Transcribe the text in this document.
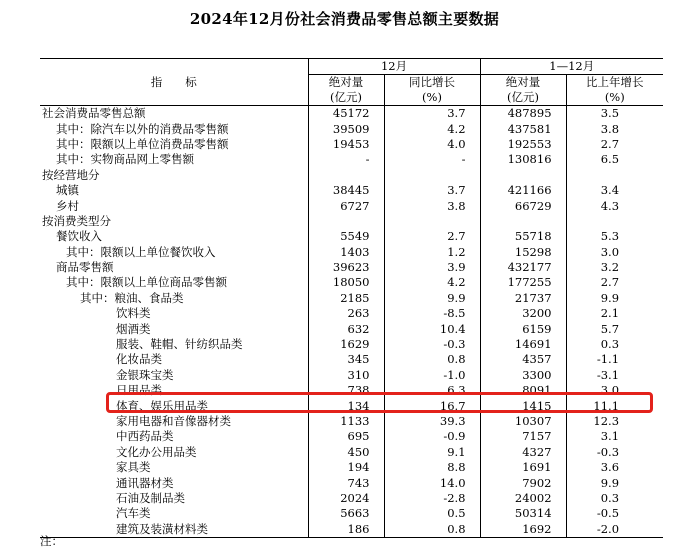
2024年12月份社会消费品零售总额主要数据
指　　标	12月		1—12月	
	绝对量	同比增长	绝对量	比上年增长
	(亿元)	(%)	(亿元)	(%)
社会消费品零售总额	45172	3.7	487895	3.5
其中：除汽车以外的消费品零售额	39509	4.2	437581	3.8
其中：限额以上单位消费品零售额	19453	4.0	192553	2.7
其中：实物商品网上零售额	-	-	130816	6.5
按经营地分				
城镇	38445	3.7	421166	3.4
乡村	6727	3.8	66729	4.3
按消费类型分				
餐饮收入	5549	2.7	55718	5.3
其中：限额以上单位餐饮收入	1403	1.2	15298	3.0
商品零售额	39623	3.9	432177	3.2
其中：限额以上单位商品零售额	18050	4.2	177255	2.7
其中：粮油、食品类	2185	9.9	21737	9.9
饮料类	263	-8.5	3200	2.1
烟酒类	632	10.4	6159	5.7
服装、鞋帽、针纺织品类	1629	-0.3	14691	0.3
化妆品类	345	0.8	4357	-1.1
金银珠宝类	310	-1.0	3300	-3.1
日用品类	738	6.3	8091	3.0
体育、娱乐用品类	134	16.7	1415	11.1
家用电器和音像器材类	1133	39.3	10307	12.3
中西药品类	695	-0.9	7157	3.1
文化办公用品类	450	9.1	4327	-0.3
家具类	194	8.8	1691	3.6
通讯器材类	743	14.0	7902	9.9
石油及制品类	2024	-2.8	24002	0.3
汽车类	5663	0.5	50314	-0.5
建筑及装潢材料类	186	0.8	1692	-2.0
注：
